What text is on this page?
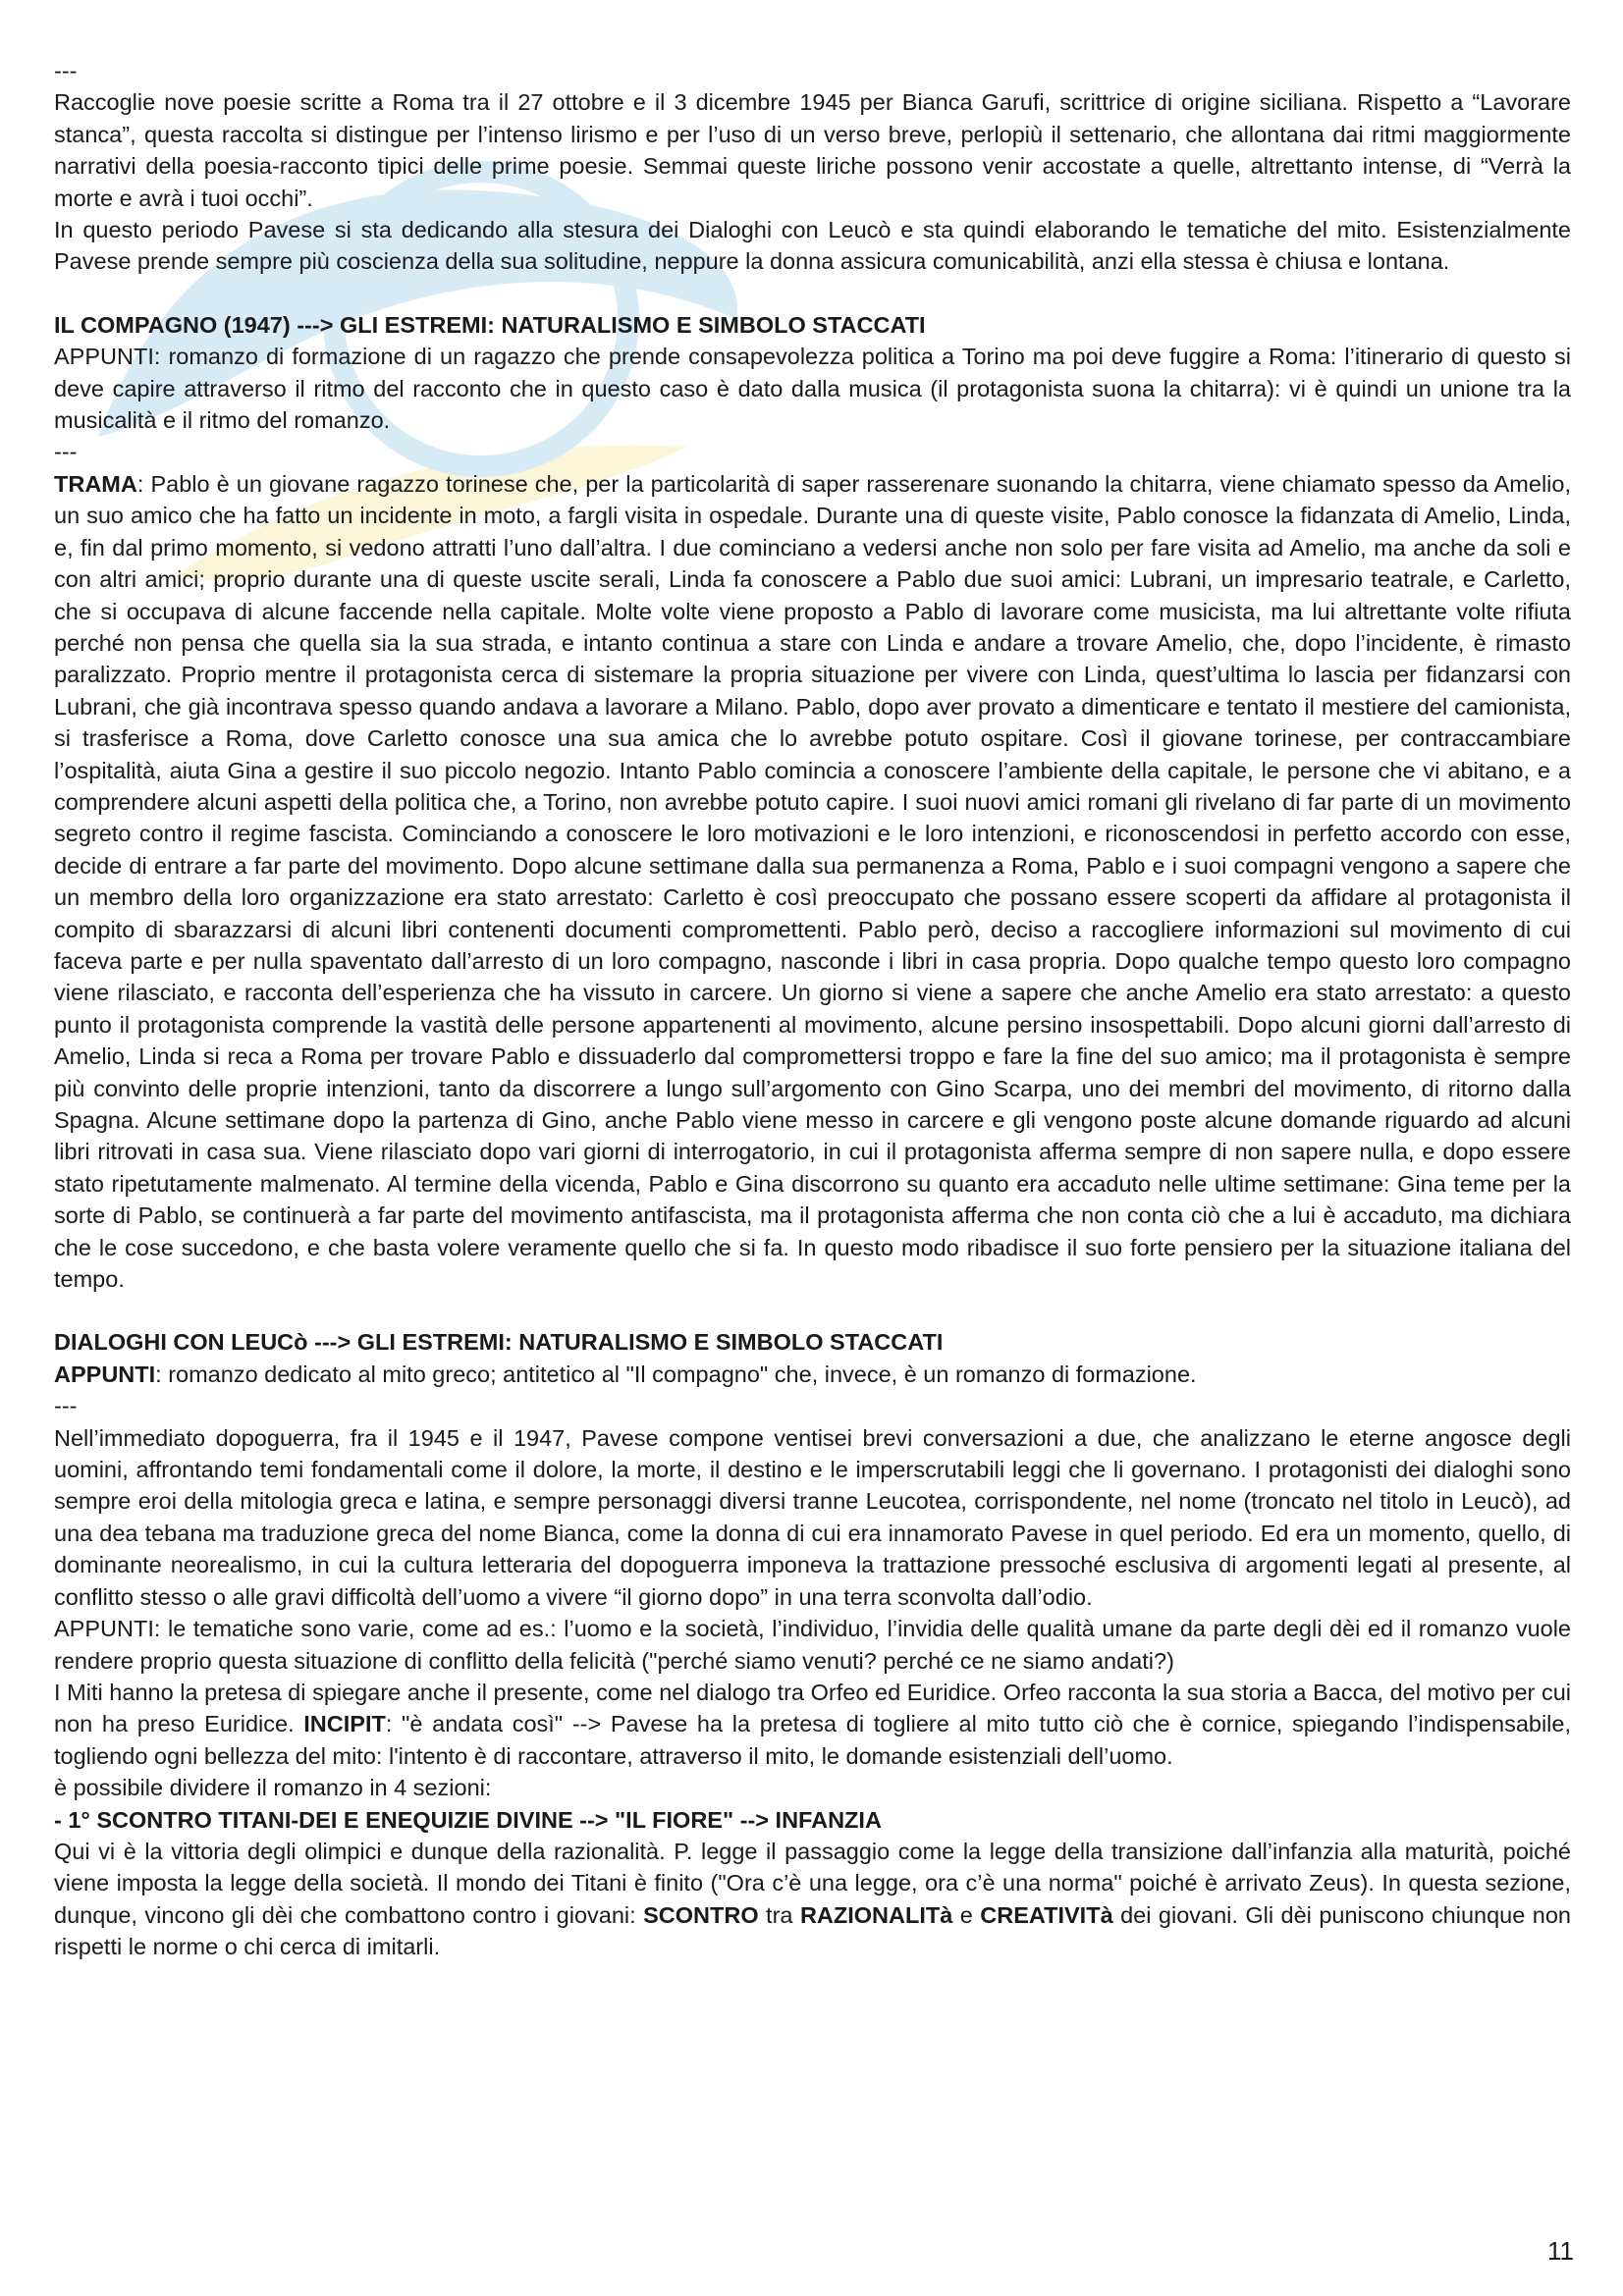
---

Raccoglie nove poesie scritte a Roma tra il 27 ottobre e il 3 dicembre 1945 per Bianca Garufi, scrittrice di origine siciliana. Rispetto a “Lavorare stanca”, questa raccolta si distingue per l’intenso lirismo e per l’uso di un verso breve, perlopiù il settenario, che allontana dai ritmi maggiormente narrativi della poesia-racconto tipici delle prime poesie. Semmai queste liriche possono venir accostate a quelle, altrettanto intense, di “Verrà la morte e avrà i tuoi occhi”.

In questo periodo Pavese si sta dedicando alla stesura dei Dialoghi con Leucò e sta quindi elaborando le tematiche del mito. Esistenzialmente Pavese prende sempre più coscienza della sua solitudine, neppure la donna assicura comunicabilità, anzi ella stessa è chiusa e lontana.

IL COMPAGNO (1947) ---> GLI ESTREMI: NATURALISMO E SIMBOLO STACCATI

APPUNTI: romanzo di formazione di un ragazzo che prende consapevolezza politica a Torino ma poi deve fuggire a Roma: l’itinerario di questo si deve capire attraverso il ritmo del racconto che in questo caso è dato dalla musica (il protagonista suona la chitarra): vi è quindi un unione tra la musicalità e il ritmo del romanzo.

---

TRAMA: Pablo è un giovane ragazzo torinese che, per la particolarità di saper rasserenare suonando la chitarra, viene chiamato spesso da Amelio, un suo amico che ha fatto un incidente in moto, a fargli visita in ospedale. Durante una di queste visite, Pablo conosce la fidanzata di Amelio, Linda, e, fin dal primo momento, si vedono attratti l’uno dall’altra. I due cominciano a vedersi anche non solo per fare visita ad Amelio, ma anche da soli e con altri amici; proprio durante una di queste uscite serali, Linda fa conoscere a Pablo due suoi amici: Lubrani, un impresario teatrale, e Carletto, che si occupava di alcune faccende nella capitale. Molte volte viene proposto a Pablo di lavorare come musicista, ma lui altrettante volte rifiuta perché non pensa che quella sia la sua strada, e intanto continua a stare con Linda e andare a trovare Amelio, che, dopo l’incidente, è rimasto paralizzato. Proprio mentre il protagonista cerca di sistemare la propria situazione per vivere con Linda, quest’ultima lo lascia per fidanzarsi con Lubrani, che già incontrava spesso quando andava a lavorare a Milano. Pablo, dopo aver provato a dimenticare e tentato il mestiere del camionista, si trasferisce a Roma, dove Carletto conosce una sua amica che lo avrebbe potuto ospitare. Così il giovane torinese, per contraccambiare l’ospitalità, aiuta Gina a gestire il suo piccolo negozio. Intanto Pablo comincia a conoscere l’ambiente della capitale, le persone che vi abitano, e a comprendere alcuni aspetti della politica che, a Torino, non avrebbe potuto capire. I suoi nuovi amici romani gli rivelano di far parte di un movimento segreto contro il regime fascista. Cominciando a conoscere le loro motivazioni e le loro intenzioni, e riconoscendosi in perfetto accordo con esse, decide di entrare a far parte del movimento. Dopo alcune settimane dalla sua permanenza a Roma, Pablo e i suoi compagni vengono a sapere che un membro della loro organizzazione era stato arrestato: Carletto è così preoccupato che possano essere scoperti da affidare al protagonista il compito di sbarazzarsi di alcuni libri contenenti documenti compromettenti. Pablo però, deciso a raccogliere informazioni sul movimento di cui faceva parte e per nulla spaventato dall’arresto di un loro compagno, nasconde i libri in casa propria. Dopo qualche tempo questo loro compagno viene rilasciato, e racconta dell’esperienza che ha vissuto in carcere. Un giorno si viene a sapere che anche Amelio era stato arrestato: a questo punto il protagonista comprende la vastità delle persone appartenenti al movimento, alcune persino insospettabili. Dopo alcuni giorni dall’arresto di Amelio, Linda si reca a Roma per trovare Pablo e dissuaderlo dal compromettersi troppo e fare la fine del suo amico; ma il protagonista è sempre più convinto delle proprie intenzioni, tanto da discorrere a lungo sull’argomento con Gino Scarpa, uno dei membri del movimento, di ritorno dalla Spagna. Alcune settimane dopo la partenza di Gino, anche Pablo viene messo in carcere e gli vengono poste alcune domande riguardo ad alcuni libri ritrovati in casa sua. Viene rilasciato dopo vari giorni di interrogatorio, in cui il protagonista afferma sempre di non sapere nulla, e dopo essere stato ripetutamente malmenato. Al termine della vicenda, Pablo e Gina discorrono su quanto era accaduto nelle ultime settimane: Gina teme per la sorte di Pablo, se continuerà a far parte del movimento antifascista, ma il protagonista afferma che non conta ciò che a lui è accaduto, ma dichiara che le cose succedono, e che basta volere veramente quello che si fa. In questo modo ribadisce il suo forte pensiero per la situazione italiana del tempo.

DIALOGHI CON LEUCò ---> GLI ESTREMI: NATURALISMO E SIMBOLO STACCATI

APPUNTI: romanzo dedicato al mito greco; antitetico al "Il compagno" che, invece, è un romanzo di formazione.

---

Nell’immediato dopoguerra, fra il 1945 e il 1947, Pavese compone ventisei brevi conversazioni a due, che analizzano le eterne angosce degli uomini, affrontando temi fondamentali come il dolore, la morte, il destino e le imperscrutabili leggi che li governano. I protagonisti dei dialoghi sono sempre eroi della mitologia greca e latina, e sempre personaggi diversi tranne Leucotea, corrispondente, nel nome (troncato nel titolo in Leucò), ad una dea tebana ma traduzione greca del nome Bianca, come la donna di cui era innamorato Pavese in quel periodo. Ed era un momento, quello, di dominante neorealismo, in cui la cultura letteraria del dopoguerra imponeva la trattazione pressoché esclusiva di argomenti legati al presente, al conflitto stesso o alle gravi difficoltà dell’uomo a vivere “il giorno dopo” in una terra sconvolta dall’odio.

APPUNTI: le tematiche sono varie, come ad es.: l’uomo e la società, l’individuo, l’invidia delle qualità umane da parte degli dèi ed il romanzo vuole rendere proprio questa situazione di conflitto della felicità ("perché siamo venuti? perché ce ne siamo andati?)

I Miti hanno la pretesa di spiegare anche il presente, come nel dialogo tra Orfeo ed Euridice. Orfeo racconta la sua storia a Bacca, del motivo per cui non ha preso Euridice. INCIPIT: "è andata così" --> Pavese ha la pretesa di togliere al mito tutto ciò che è cornice, spiegando l’indispensabile, togliendo ogni bellezza del mito: l'intento è di raccontare, attraverso il mito, le domande esistenziali dell’uomo.

è possibile dividere il romanzo in 4 sezioni:

- 1° SCONTRO TITANI-DEI E ENEQUIZIE DIVINE --> "IL FIORE" --> INFANZIA

Qui vi è la vittoria degli olimpici e dunque della razionalità. P. legge il passaggio come la legge della transizione dall’infanzia alla maturità, poiché viene imposta la legge della società. Il mondo dei Titani è finito ("Ora c’è una legge, ora c’è una norma" poiché è arrivato Zeus). In questa sezione, dunque, vincono gli dèi che combattono contro i giovani: SCONTRO tra RAZIONALITà e CREATIVITà dei giovani. Gli dèi puniscono chiunque non rispetti le norme o chi cerca di imitarli.

11
